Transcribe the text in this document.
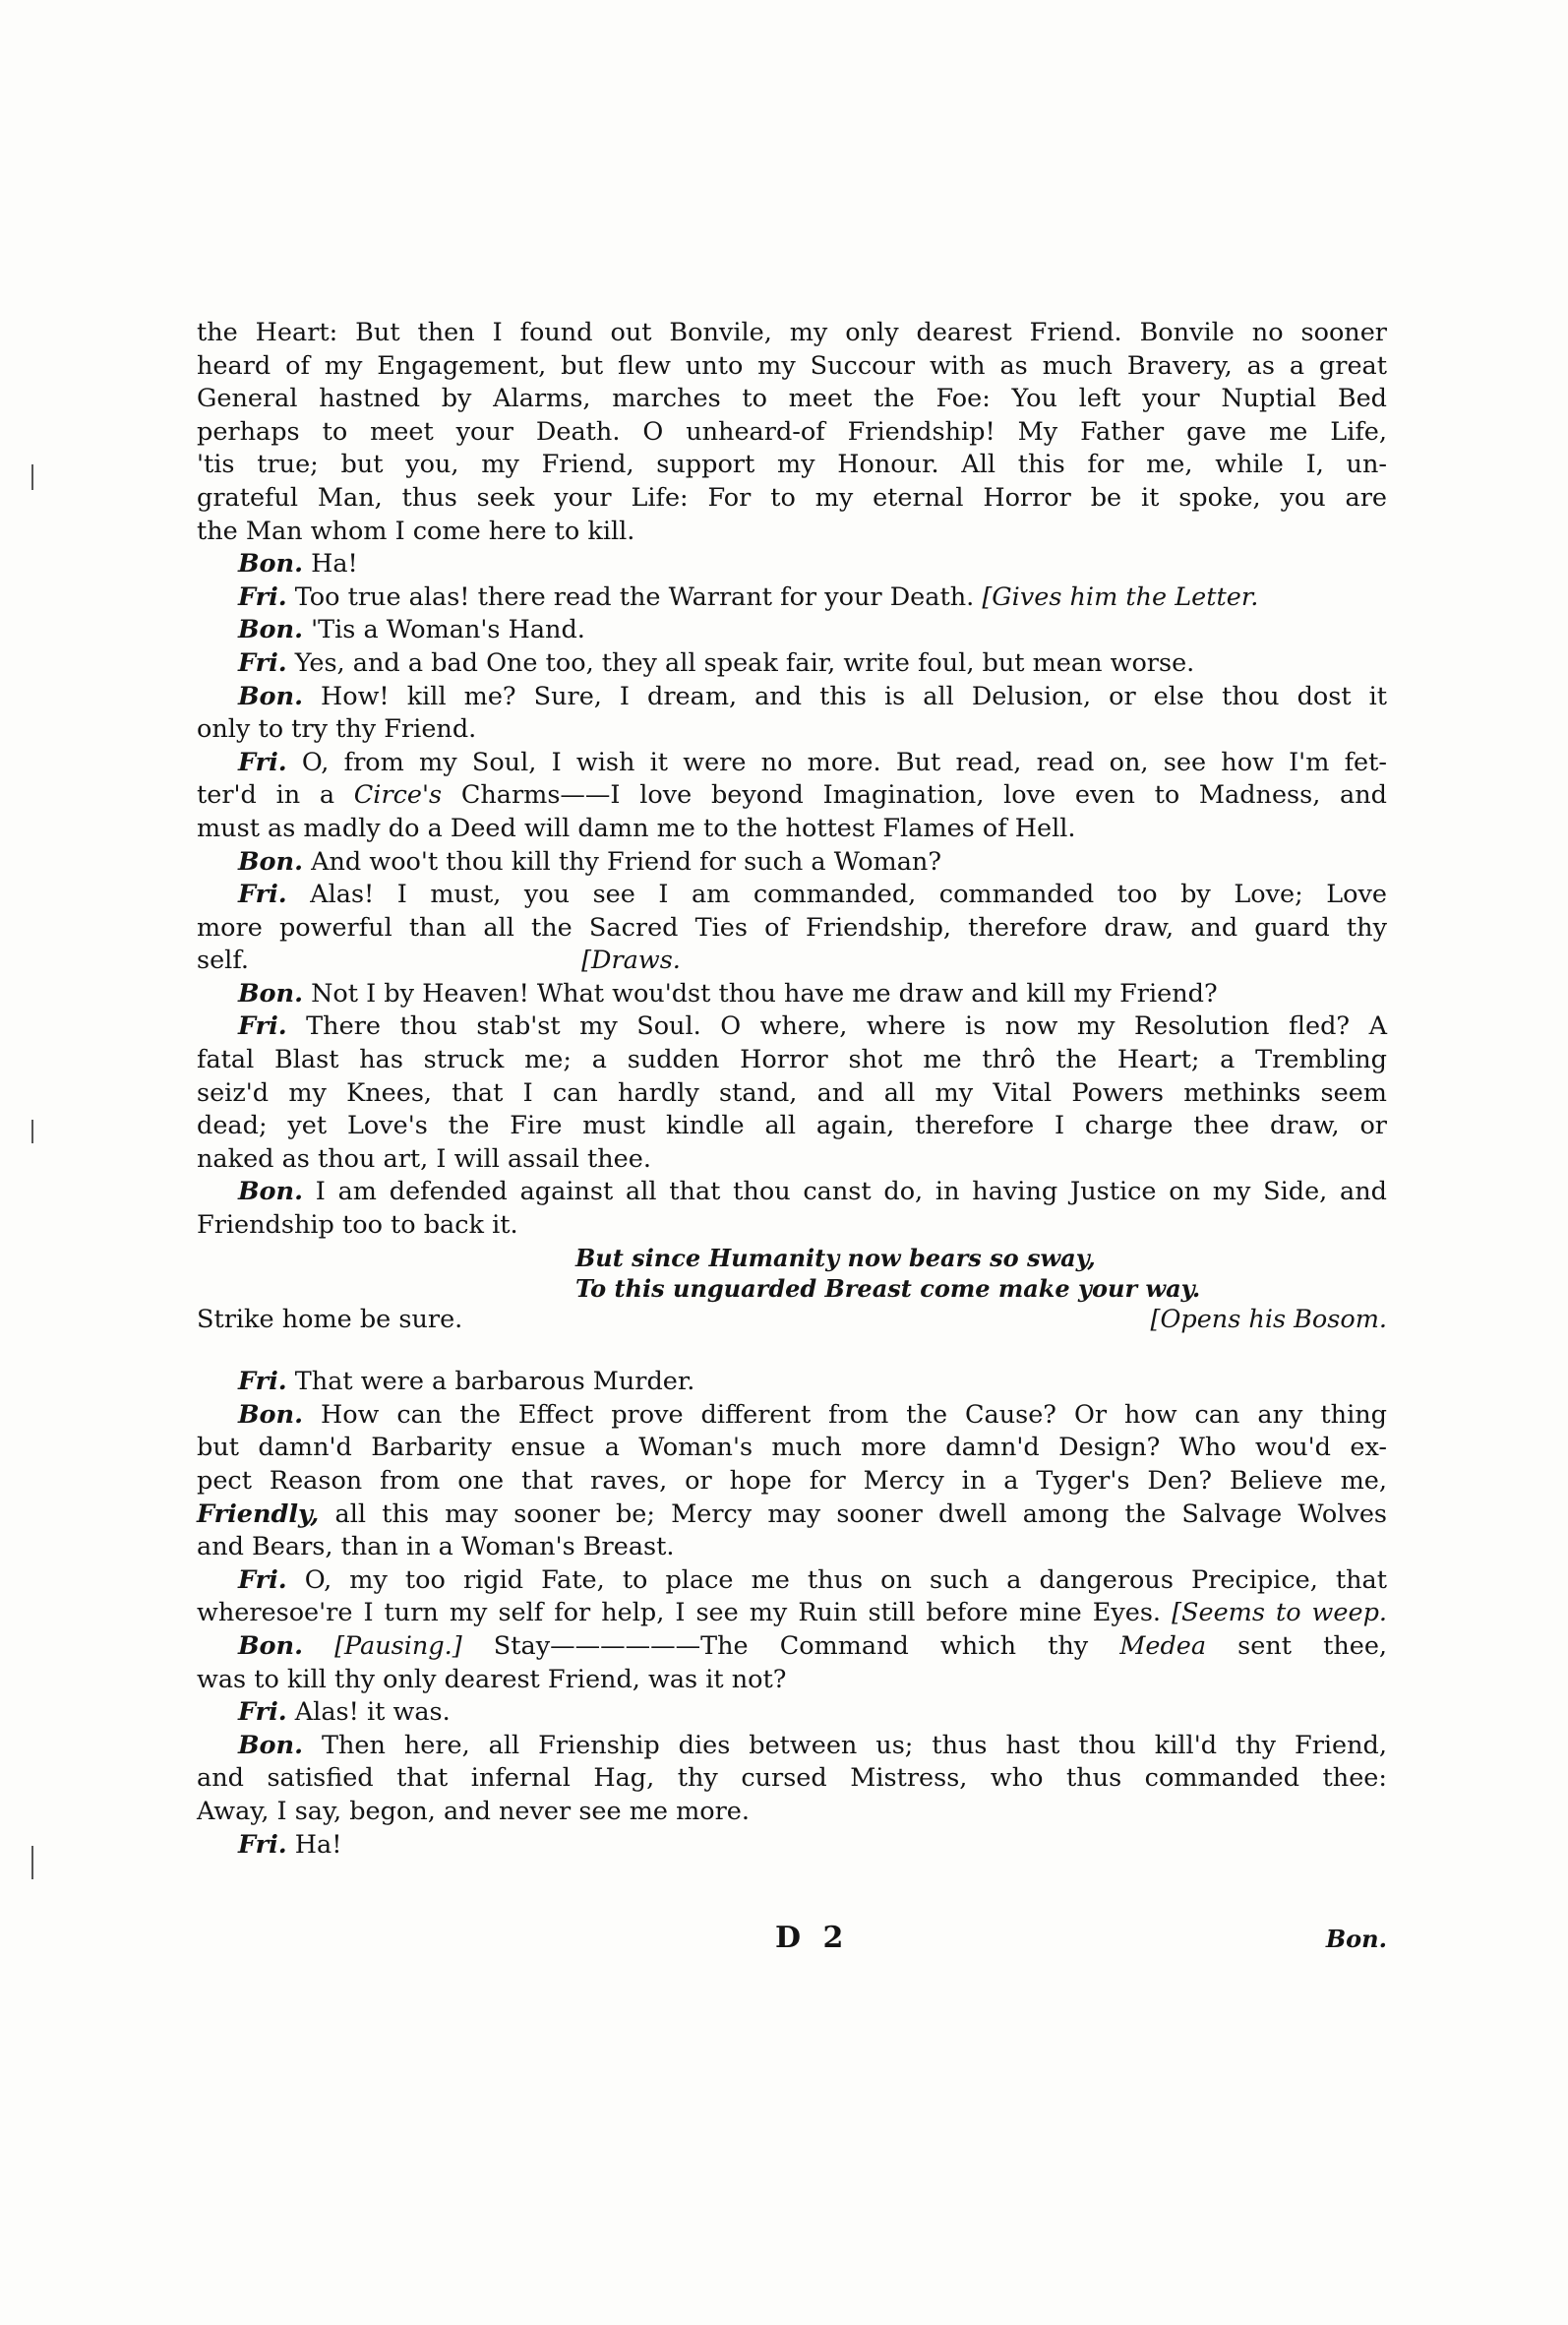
the Heart: But then I found out Bonvile, my only dearest Friend. Bonvile no sooner
heard of my Engagement, but flew unto my Succour with as much Bravery, as a great
General hastned by Alarms, marches to meet the Foe: You left your Nuptial Bed
perhaps to meet your Death. O unheard-of Friendship! My Father gave me Life,
'tis true; but you, my Friend, support my Honour. All this for me, while I, un-
grateful Man, thus seek your Life: For to my eternal Horror be it spoke, you are
the Man whom I come here to kill.
Bon. Ha!
Fri. Too true alas! there read the Warrant for your Death. [Gives him the Letter.
Bon. 'Tis a Woman's Hand.
Fri. Yes, and a bad One too, they all speak fair, write foul, but mean worse.
Bon. How! kill me? Sure, I dream, and this is all Delusion, or else thou dost it
only to try thy Friend.
Fri. O, from my Soul, I wish it were no more. But read, read on, see how I'm fet-
ter'd in a Circe's Charms——I love beyond Imagination, love even to Madness, and
must as madly do a Deed will damn me to the hottest Flames of Hell.
Bon. And woo't thou kill thy Friend for such a Woman?
Fri. Alas! I must, you see I am commanded, commanded too by Love; Love
more powerful than all the Sacred Ties of Friendship, therefore draw, and guard thy
self.	[Draws.
Bon. Not I by Heaven! What wou'dst thou have me draw and kill my Friend?
Fri. There thou stab'st my Soul. O where, where is now my Resolution fled? A
fatal Blast has struck me; a sudden Horror shot me thrô the Heart; a Trembling
seiz'd my Knees, that I can hardly stand, and all my Vital Powers methinks seem
dead; yet Love's the Fire must kindle all again, therefore I charge thee draw, or
naked as thou art, I will assail thee.
Bon. I am defended against all that thou canst do, in having Justice on my Side, and
Friendship too to back it.
But since Humanity now bears so sway,
To this unguarded Breast come make your way.
Strike home be sure.	[Opens his Bosom.
Fri. That were a barbarous Murder.
Bon. How can the Effect prove different from the Cause? Or how can any thing
but damn'd Barbarity ensue a Woman's much more damn'd Design? Who wou'd ex-
pect Reason from one that raves, or hope for Mercy in a Tyger's Den? Believe me,
Friendly, all this may sooner be; Mercy may sooner dwell among the Salvage Wolves
and Bears, than in a Woman's Breast.
Fri. O, my too rigid Fate, to place me thus on such a dangerous Precipice, that
wheresoe're I turn my self for help, I see my Ruin still before mine Eyes. [Seems to weep.
Bon. [Pausing.] Stay——————The Command which thy Medea sent thee,
was to kill thy only dearest Friend, was it not?
Fri. Alas! it was.
Bon. Then here, all Frienship dies between us; thus hast thou kill'd thy Friend,
and satisfied that infernal Hag, thy cursed Mistress, who thus commanded thee:
Away, I say, begon, and never see me more.
Fri. Ha!
D 2	Bon.
